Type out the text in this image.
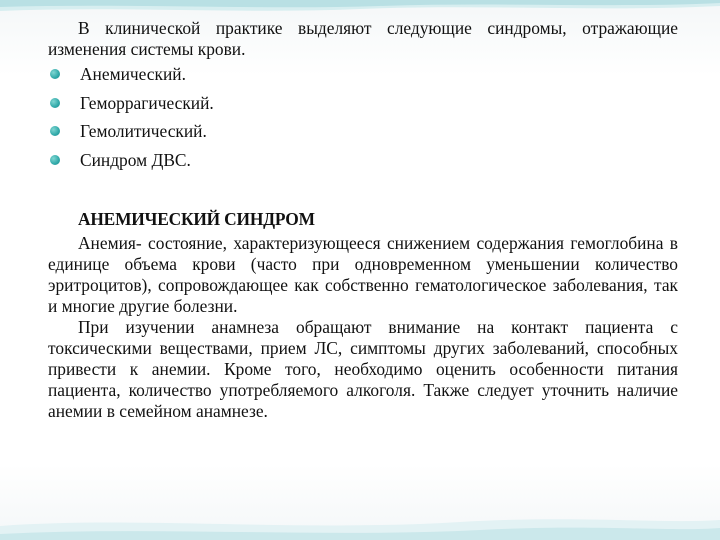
В клинической практике выделяют следующие синдромы, отражающие изменения системы крови.

Анемический.
Геморрагический.
Гемолитический.
Синдром ДВС.
АНЕМИЧЕСКИЙ СИНДРОМ

Анемия- состояние, характеризующееся снижением содержания гемоглобина в единице объема крови (часто при одновременном уменьшении количество эритроцитов), сопровождающее как собственно гематологическое заболевания, так и многие другие болезни.

При изучении анамнеза обращают внимание на контакт пациента с токсическими веществами, прием ЛС, симптомы других заболеваний, способных привести к анемии. Кроме того, необходимо оценить особенности питания пациента, количество употребляемого алкоголя. Также следует уточнить наличие анемии в семейном анамнезе.
